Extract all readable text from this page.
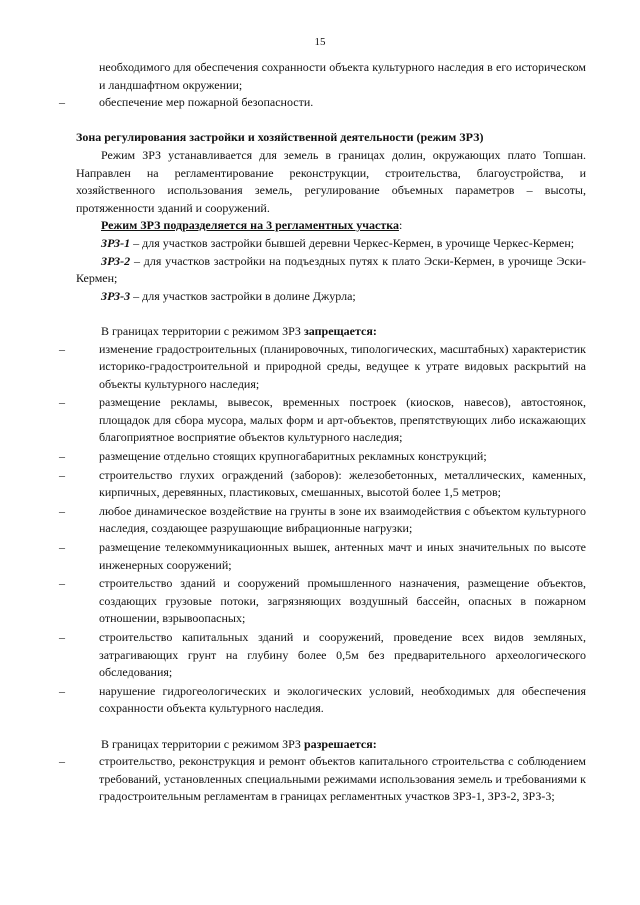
15

необходимого для обеспечения сохранности объекта культурного наследия в его историческом и ландшафтном окружении;

–	обеспечение мер пожарной безопасности.

Зона регулирования застройки и хозяйственной деятельности (режим ЗРЗ)

Режим ЗРЗ устанавливается для земель в границах долин, окружающих плато Топшан. Направлен на регламентирование реконструкции, строительства, благоустройства, и хозяйственного использования земель, регулирование объемных параметров – высоты, протяженности зданий и сооружений.

Режим ЗРЗ подразделяется на 3 регламентных участка:

ЗРЗ-1 – для участков застройки бывшей деревни Черкес-Кермен, в урочище Черкес-Кермен;

ЗРЗ-2 – для участков застройки на подъездных путях к плато Эски-Кермен, в урочище Эски-Кермен;

ЗРЗ-3 – для участков застройки в долине Джурла;

В границах территории с режимом ЗРЗ запрещается:

–	изменение градостроительных (планировочных, типологических, масштабных) характеристик историко-градостроительной и природной среды, ведущее к утрате видовых раскрытий на объекты культурного наследия;

–	размещение рекламы, вывесок, временных построек (киосков, навесов), автостоянок, площадок для сбора мусора, малых форм и арт-объектов, препятствующих либо искажающих благоприятное восприятие объектов культурного наследия;

–	размещение отдельно стоящих крупногабаритных рекламных конструкций;

–	строительство глухих ограждений (заборов): железобетонных, металлических, каменных, кирпичных, деревянных, пластиковых, смешанных, высотой более 1,5 метров;

–	любое динамическое воздействие на грунты в зоне их взаимодействия с объектом культурного наследия, создающее разрушающие вибрационные нагрузки;

–	размещение телекоммуникационных вышек, антенных мачт и иных значительных по высоте инженерных сооружений;

–	строительство зданий и сооружений промышленного назначения, размещение объектов, создающих грузовые потоки, загрязняющих воздушный бассейн, опасных в пожарном отношении, взрывоопасных;

–	строительство капитальных зданий и сооружений, проведение всех видов земляных, затрагивающих грунт на глубину более 0,5м без предварительного археологического обследования;

–	нарушение гидрогеологических и экологических условий, необходимых для обеспечения сохранности объекта культурного наследия.

В границах территории с режимом ЗРЗ разрешается:

–	строительство, реконструкция и ремонт объектов капитального строительства с соблюдением требований, установленных специальными режимами использования земель и требованиями к градостроительным регламентам в границах регламентных участков ЗРЗ-1, ЗРЗ-2, ЗРЗ-3;
